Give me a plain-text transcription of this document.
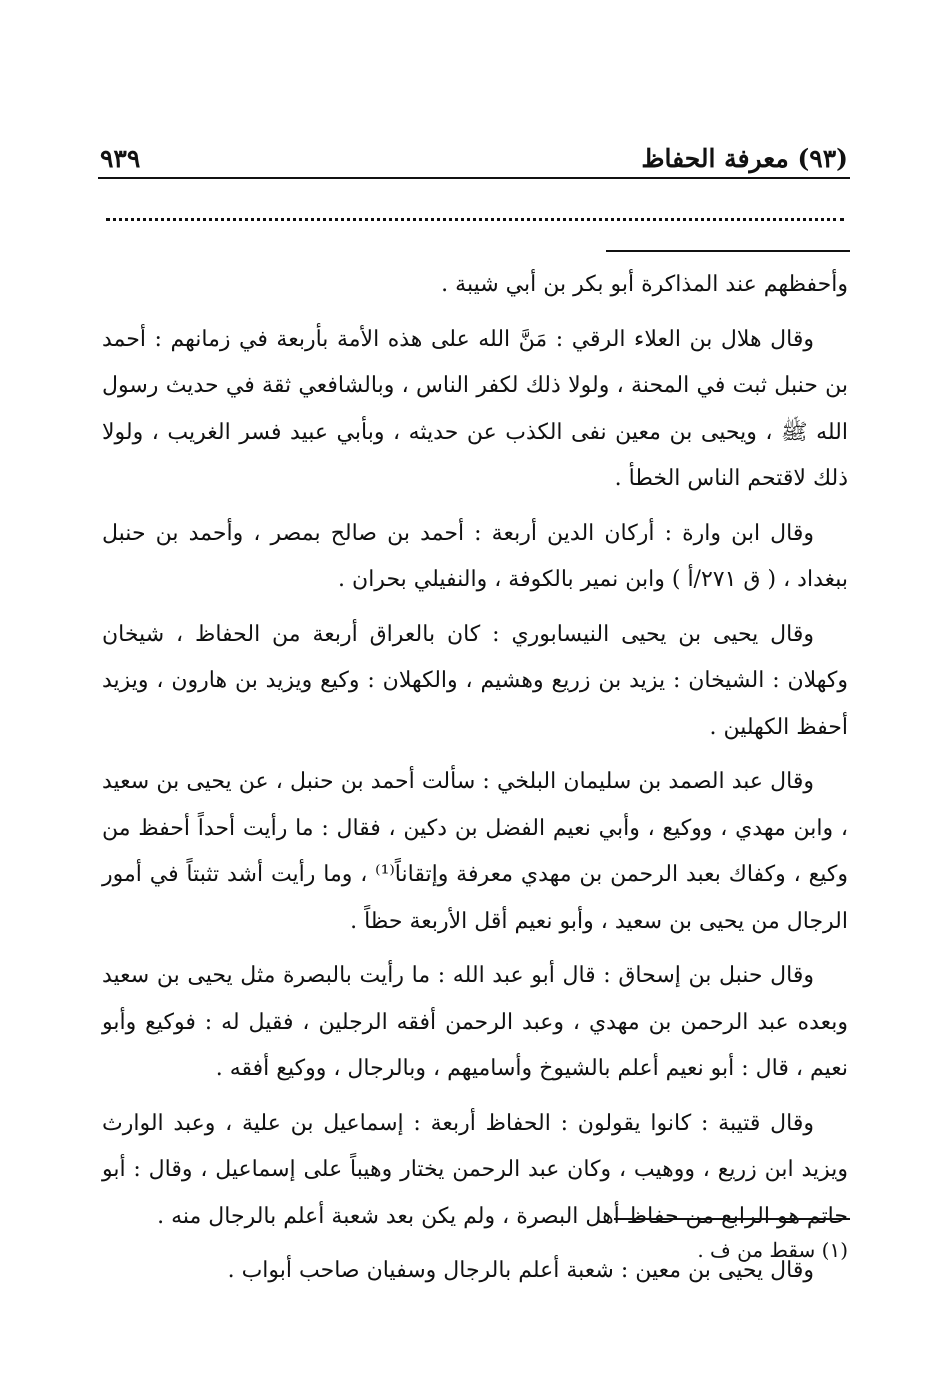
(٩٣) معرفة الحفاظ
٩٣٩

وأحفظهم عند المذاكرة أبو بكر بن أبي شيبة .

وقال هلال بن العلاء الرقي : مَنَّ الله على هذه الأمة بأربعة في زمانهم : أحمد بن حنبل ثبت في المحنة ، ولولا ذلك لكفر الناس ، وبالشافعي ثقة في حديث رسول الله ﷺ ، ويحيى بن معين نفى الكذب عن حديثه ، وبأبي عبيد فسر الغريب ، ولولا ذلك لاقتحم الناس الخطأ .

وقال ابن وارة : أركان الدين أربعة : أحمد بن صالح بمصر ، وأحمد بن حنبل ببغداد ، ( ق ٢٧١/أ ) وابن نمير بالكوفة ، والنفيلي بحران .

وقال يحيى بن يحيى النيسابوري : كان بالعراق أربعة من الحفاظ ، شيخان وكهلان : الشيخان : يزيد بن زريع وهشيم ، والكهلان : وكيع ويزيد بن هارون ، ويزيد أحفظ الكهلين .

وقال عبد الصمد بن سليمان البلخي : سألت أحمد بن حنبل ، عن يحيى بن سعيد ، وابن مهدي ، ووكيع ، وأبي نعيم الفضل بن دكين ، فقال : ما رأيت أحداً أحفظ من وكيع ، وكفاك بعبد الرحمن بن مهدي معرفة وإتقاناً⁽¹⁾ ، وما رأيت أشد تثبتاً في أمور الرجال من يحيى بن سعيد ، وأبو نعيم أقل الأربعة حظاً .

وقال حنبل بن إسحاق : قال أبو عبد الله : ما رأيت بالبصرة مثل يحيى بن سعيد وبعده عبد الرحمن بن مهدي ، وعبد الرحمن أفقه الرجلين ، فقيل له : فوكيع وأبو نعيم ، قال : أبو نعيم أعلم بالشيوخ وأساميهم ، وبالرجال ، ووكيع أفقه .

وقال قتيبة : كانوا يقولون : الحفاظ أربعة : إسماعيل بن علية ، وعبد الوارث ويزيد ابن زريع ، ووهيب ، وكان عبد الرحمن يختار وهيباً على إسماعيل ، وقال : أبو حاتم هو الرابع من حفاظ أهل البصرة ، ولم يكن بعد شعبة أعلم بالرجال منه .

وقال يحيى بن معين : شعبة أعلم بالرجال وسفيان صاحب أبواب .

(١) سقط من ف .
